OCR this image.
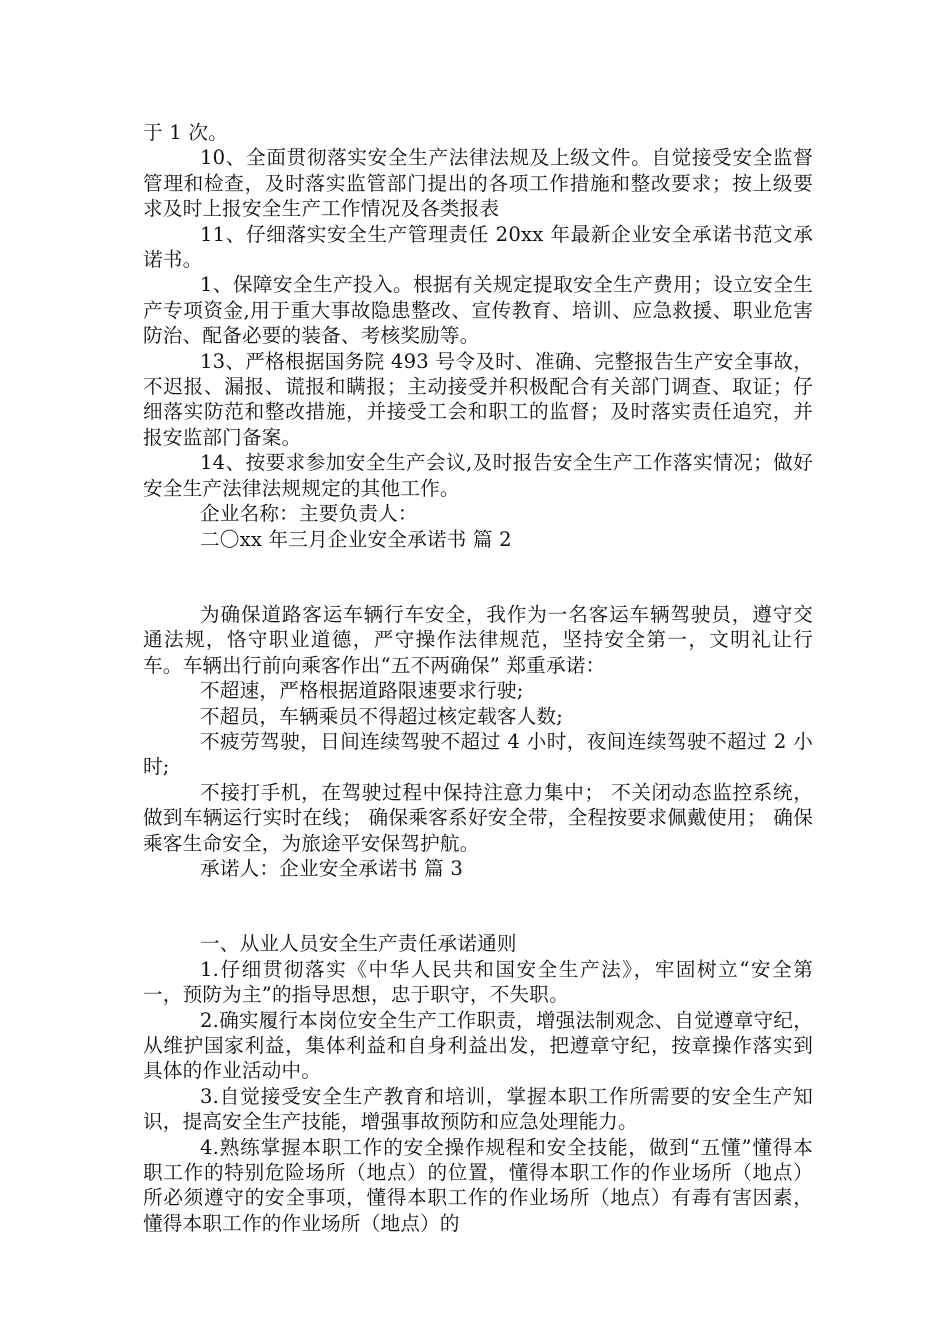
于 1 次。

10、全面贯彻落实安全生产法律法规及上级文件。自觉接受安全监督管理和检查，及时落实监管部门提出的各项工作措施和整改要求；按上级要求及时上报安全生产工作情况及各类报表

11、仔细落实安全生产管理责任 20xx 年最新企业安全承诺书范文承诺书。

1、保障安全生产投入。根据有关规定提取安全生产费用；设立安全生产专项资金,用于重大事故隐患整改、宣传教育、培训、应急救援、职业危害防治、配备必要的装备、考核奖励等。

13、严格根据国务院 493 号令及时、准确、完整报告生产安全事故，不迟报、漏报、谎报和瞒报；主动接受并积极配合有关部门调查、取证；仔细落实防范和整改措施，并接受工会和职工的监督；及时落实责任追究，并报安监部门备案。

14、按要求参加安全生产会议,及时报告安全生产工作落实情况；做好安全生产法律法规规定的其他工作。

企业名称：主要负责人：

二〇xx 年三月企业安全承诺书 篇 2

为确保道路客运车辆行车安全，我作为一名客运车辆驾驶员，遵守交通法规，恪守职业道德，严守操作法律规范，坚持安全第一，文明礼让行车。车辆出行前向乘客作出“五不两确保” 郑重承诺：

不超速，严格根据道路限速要求行驶;

不超员，车辆乘员不得超过核定载客人数;

不疲劳驾驶，日间连续驾驶不超过 4 小时，夜间连续驾驶不超过 2 小时;

不接打手机，在驾驶过程中保持注意力集中； 不关闭动态监控系统，做到车辆运行实时在线； 确保乘客系好安全带，全程按要求佩戴使用； 确保乘客生命安全，为旅途平安保驾护航。

承诺人：企业安全承诺书 篇 3

一、从业人员安全生产责任承诺通则

1.仔细贯彻落实《中华人民共和国安全生产法》，牢固树立“安全第一，预防为主”的指导思想，忠于职守，不失职。

2.确实履行本岗位安全生产工作职责，增强法制观念、自觉遵章守纪，从维护国家利益，集体利益和自身利益出发，把遵章守纪，按章操作落实到具体的作业活动中。

3.自觉接受安全生产教育和培训，掌握本职工作所需要的安全生产知识，提高安全生产技能，增强事故预防和应急处理能力。

4.熟练掌握本职工作的安全操作规程和安全技能，做到“五懂”懂得本职工作的特别危险场所（地点）的位置，懂得本职工作的作业场所（地点）所必须遵守的安全事项，懂得本职工作的作业场所（地点）有毒有害因素，懂得本职工作的作业场所（地点）的
